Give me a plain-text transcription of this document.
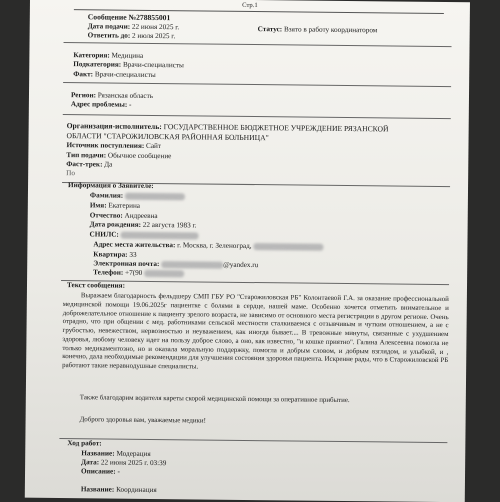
Стр.1
Сообщение №278855001
Дата подачи: 22 июня 2025 г.
Ответить до: 2 июля 2025 г.
Статус: Взято в работу координатором
Категория: Медицина
Подкатегория: Врачи-специалисты
Факт: Врачи-специалисты
Регион: Рязанская область
Адрес проблемы: -
Организация-исполнитель: ГОСУДАРСТВЕННОЕ БЮДЖЕТНОЕ УЧРЕЖДЕНИЕ РЯЗАНСКОЙ
ОБЛАСТИ "СТАРОЖИЛОВСКАЯ РАЙОННАЯ БОЛЬНИЦА"
Источник поступления: Сайт
Тип подачи: Обычное сообщение
Фаст-трек: Да
По
Информация о Заявителе:
Фамилия:
Имя: Екатерина
Отчество: Андреевна
Дата рождения: 22 августа 1983 г.
СНИЛС:
Адрес места жительства: г. Москва, г. Зеленоград,
Квартира: 33
Электронная почта:	@yandex.ru
Телефон: +7(90
Текст сообщения:
Выражаем благодарность фельдшеру СМП ГБУ РО "Старожиловская РБ" Колонтаевой Г.А. за оказание профессиональной медицинской помощи 19.06.2025г пациентке с болями в сердце, нашей маме. Особенно хочется отметить внимательное и доброжелательное отношение к пациенту зрелого возраста, не зависимо от основного места регистрации в другом регионе. Очень отрадно, что при общении с мед. работниками сельской местности сталкиваемся с отзывчивым и чутким отношением, а не с грубостью, невежеством, нервозностью и неуважением, как иногда бывает.... В тревожные минуты, связанные с ухудшением здоровья, любому человеку идет на пользу доброе слово, а оно, как известно, "и кошке приятно". Галина Алексеевна помогла не только медикаментозно, но и оказала моральную поддержку, помогла и добрым словом, и добрым взглядом, и улыбкой, и , конечно, дала необходимые рекомендации для улучшения состояния здоровья пациента. Искренне рады, что в Старожиловской РБ работают такие неравнодушные специалисты.
Также благодарим водителя кареты скорой медицинской помощи за оперативное прибытие.
Доброго здоровья вам, уважаемые медики!
Ход работ:
Название: Модерация
Дата: 22 июня 2025 г. 03:39
Описание: -
Название: Координация
